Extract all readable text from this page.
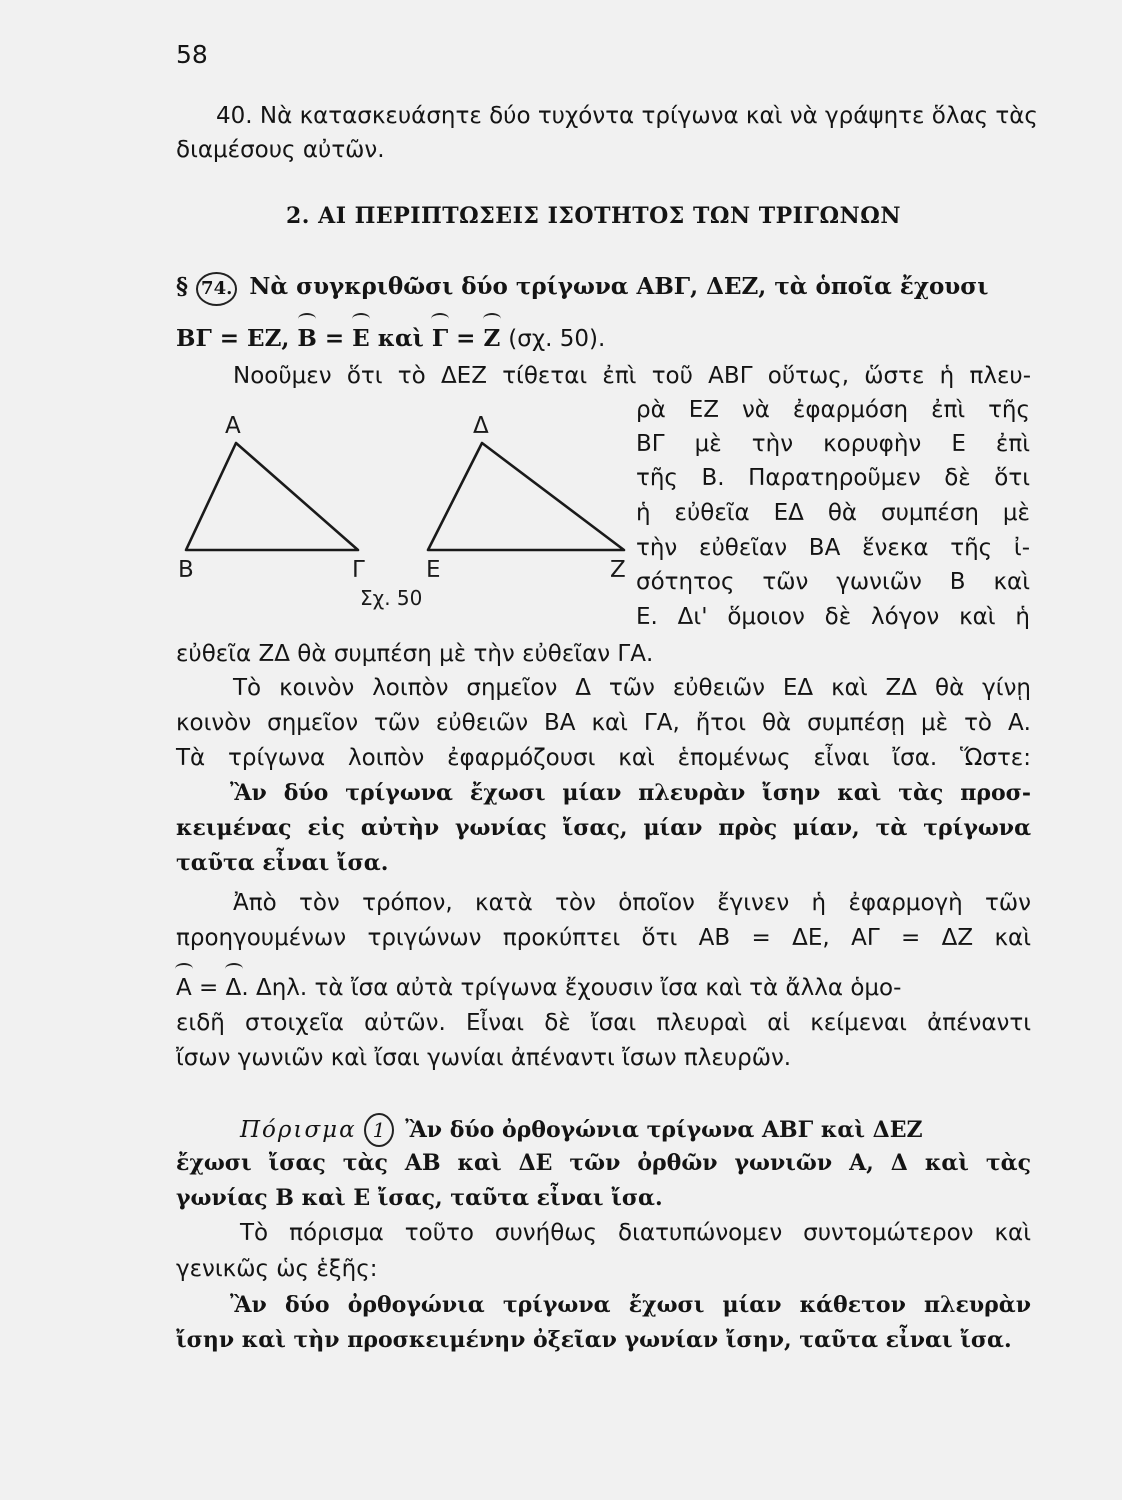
58
40. Νὰ κατασκευάσητε δύο τυχόντα τρίγωνα καὶ νὰ γράψητε ὅλας τὰς
διαμέσους αὐτῶν.
2. ΑΙ ΠΕΡΙΠΤΩΣΕΙΣ ΙΣΟΤΗΤΟΣ ΤΩΝ ΤΡΙΓΩΝΩΝ
§ 74. Νὰ συγκριθῶσι δύο τρίγωνα ΑΒΓ, ΔΕΖ, τὰ ὁποῖα ἔχουσι
ΒΓ = ΕΖ, Β = Ε καὶ Γ = Ζ (σχ. 50).
Νοοῦμεν ὅτι τὸ ΔΕΖ τίθεται ἐπὶ τοῦ ΑΒΓ οὕτως, ὥστε ἡ πλευ-
ρὰ ΕΖ νὰ ἐφαρμόση ἐπὶ τῆς
ΒΓ μὲ τὴν κορυφὴν Ε ἐπὶ
τῆς Β. Παρατηροῦμεν δὲ ὅτι
ἡ εὐθεῖα ΕΔ θὰ συμπέση μὲ
τὴν εὐθεῖαν ΒΑ ἕνεκα τῆς ἰ-
σότητος τῶν γωνιῶν Β καὶ
Ε. Δι' ὅμοιον δὲ λόγον καὶ ἡ
εὐθεῖα ΖΔ θὰ συμπέση μὲ τὴν εὐθεῖαν ΓΑ.
Α
Β	Γ
Δ
Ε	Ζ
Σχ. 50
Τὸ κοινὸν λοιπὸν σημεῖον Δ τῶν εὐθειῶν ΕΔ καὶ ΖΔ θὰ γίνῃ
κοινὸν σημεῖον τῶν εὐθειῶν ΒΑ καὶ ΓΑ, ἤτοι θὰ συμπέσῃ μὲ τὸ Α.
Τὰ τρίγωνα λοιπὸν ἐφαρμόζουσι καὶ ἑπομένως εἶναι ἴσα. Ὥστε:
Ἂν δύο τρίγωνα ἔχωσι μίαν πλευρὰν ἴσην καὶ τὰς προσ-
κειμένας εἰς αὐτὴν γωνίας ἴσας, μίαν πρὸς μίαν, τὰ τρίγωνα
ταῦτα εἶναι ἴσα.
Ἀπὸ τὸν τρόπον, κατὰ τὸν ὁποῖον ἔγινεν ἡ ἐφαρμογὴ τῶν
προηγουμένων τριγώνων προκύπτει ὅτι ΑΒ = ΔΕ, ΑΓ = ΔΖ καὶ
Α = Δ. Δηλ. τὰ ἴσα αὐτὰ τρίγωνα ἔχουσιν ἴσα καὶ τὰ ἄλλα ὁμο-
ειδῆ στοιχεῖα αὐτῶν. Εἶναι δὲ ἴσαι πλευραὶ αἱ κείμεναι ἀπέναντι
ἴσων γωνιῶν καὶ ἴσαι γωνίαι ἀπέναντι ἴσων πλευρῶν.
Πόρισμα 1 Ἂν δύο ὀρθογώνια τρίγωνα ΑΒΓ καὶ ΔΕΖ
ἔχωσι ἴσας τὰς ΑΒ καὶ ΔΕ τῶν ὀρθῶν γωνιῶν Α, Δ καὶ τὰς
γωνίας Β καὶ Ε ἴσας, ταῦτα εἶναι ἴσα.
Τὸ πόρισμα τοῦτο συνήθως διατυπώνομεν συντομώτερον καὶ
γενικῶς ὡς ἑξῆς:
Ἂν δύο ὀρθογώνια τρίγωνα ἔχωσι μίαν κάθετον πλευρὰν
ἴσην καὶ τὴν προσκειμένην ὀξεῖαν γωνίαν ἴσην, ταῦτα εἶναι ἴσα.
